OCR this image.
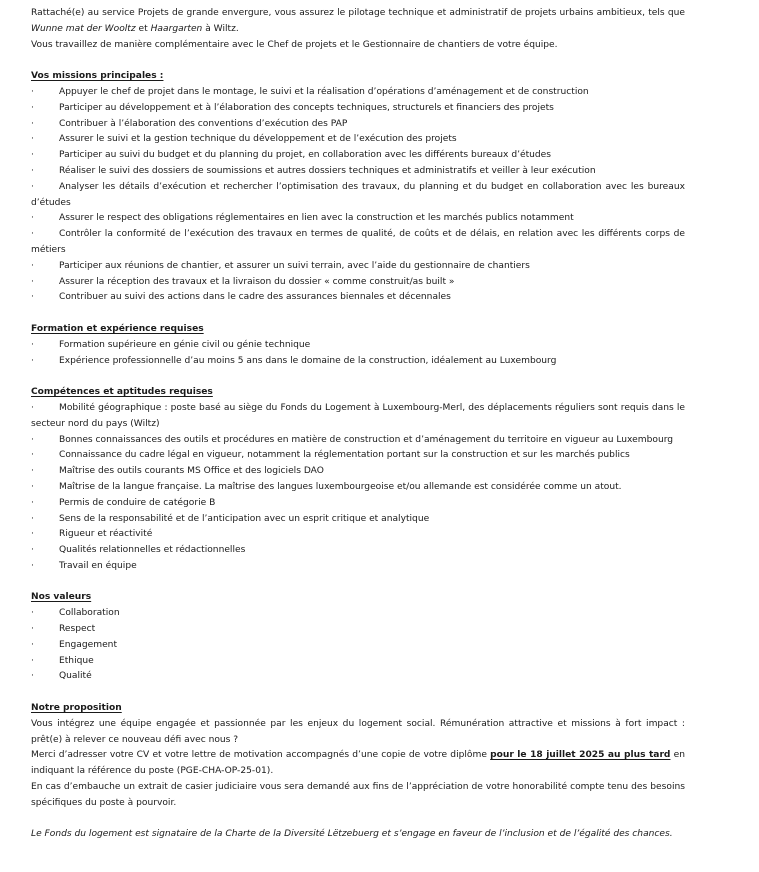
Rattaché(e) au service Projets de grande envergure, vous assurez le pilotage technique et administratif de projets urbains ambitieux, tels que Wunne mat der Wooltz et Haargarten à Wiltz.

Vous travaillez de manière complémentaire avec le Chef de projets et le Gestionnaire de chantiers de votre équipe.

Vos missions principales :

·	Appuyer le chef de projet dans le montage, le suivi et la réalisation d’opérations d’aménagement et de construction
·	Participer au développement et à l’élaboration des concepts techniques, structurels et financiers des projets
·	Contribuer à l’élaboration des conventions d’exécution des PAP
·	Assurer le suivi et la gestion technique du développement et de l’exécution des projets
·	Participer au suivi du budget et du planning du projet, en collaboration avec les différents bureaux d’études
·	Réaliser le suivi des dossiers de soumissions et autres dossiers techniques et administratifs et veiller à leur exécution
·	Analyser les détails d’exécution et rechercher l’optimisation des travaux, du planning et du budget en collaboration avec les bureaux d’études
·	Assurer le respect des obligations réglementaires en lien avec la construction et les marchés publics notamment
·	Contrôler la conformité de l’exécution des travaux en termes de qualité, de coûts et de délais, en relation avec les différents corps de métiers
·	Participer aux réunions de chantier, et assurer un suivi terrain, avec l’aide du gestionnaire de chantiers
·	Assurer la réception des travaux et la livraison du dossier « comme construit/as built »
·	Contribuer au suivi des actions dans le cadre des assurances biennales et décennales

Formation et expérience requises

·	Formation supérieure en génie civil ou génie technique
·	Expérience professionnelle d’au moins 5 ans dans le domaine de la construction, idéalement au Luxembourg

Compétences et aptitudes requises

·	Mobilité géographique : poste basé au siège du Fonds du Logement à Luxembourg-Merl, des déplacements réguliers sont requis dans le secteur nord du pays (Wiltz)
·	Bonnes connaissances des outils et procédures en matière de construction et d’aménagement du territoire en vigueur au Luxembourg
·	Connaissance du cadre légal en vigueur, notamment la réglementation portant sur la construction et sur les marchés publics
·	Maîtrise des outils courants MS Office et des logiciels DAO
·	Maîtrise de la langue française. La maîtrise des langues luxembourgeoise et/ou allemande est considérée comme un atout.
·	Permis de conduire de catégorie B
·	Sens de la responsabilité et de l’anticipation avec un esprit critique et analytique
·	Rigueur et réactivité
·	Qualités relationnelles et rédactionnelles
·	Travail en équipe

Nos valeurs

·	Collaboration
·	Respect
·	Engagement
·	Ethique
·	Qualité

Notre proposition

Vous intégrez une équipe engagée et passionnée par les enjeux du logement social. Rémunération attractive et missions à fort impact : prêt(e) à relever ce nouveau défi avec nous ?

Merci d’adresser votre CV et votre lettre de motivation accompagnés d’une copie de votre diplôme pour le 18 juillet 2025 au plus tard en indiquant la référence du poste (PGE-CHA-OP-25-01).

En cas d’embauche un extrait de casier judiciaire vous sera demandé aux fins de l’appréciation de votre honorabilité compte tenu des besoins spécifiques du poste à pourvoir.

Le Fonds du logement est signataire de la Charte de la Diversité Lëtzebuerg et s’engage en faveur de l’inclusion et de l’égalité des chances.
